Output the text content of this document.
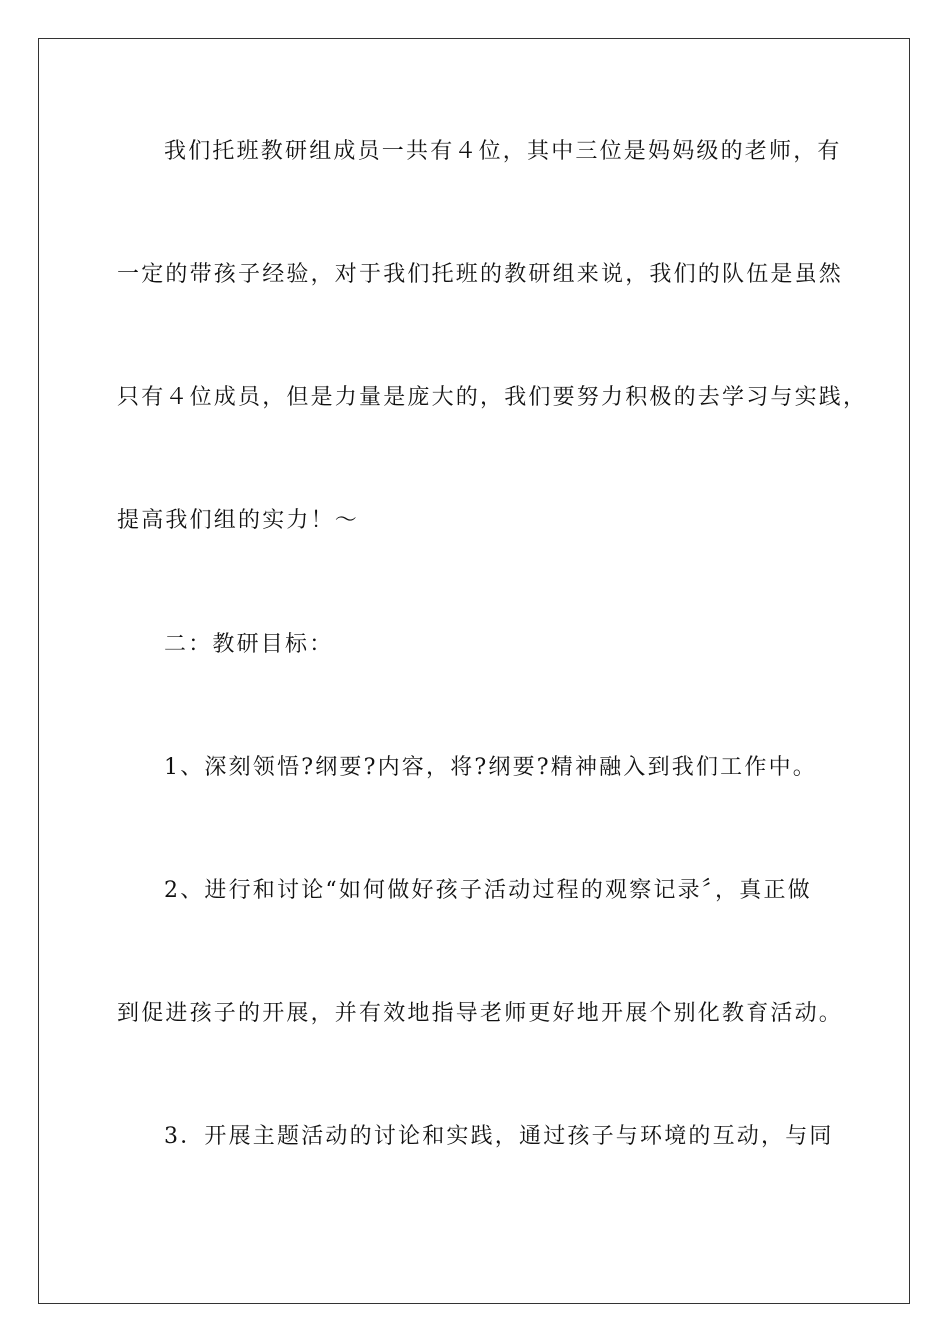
我们托班教研组成员一共有４位，其中三位是妈妈级的老师，有
一定的带孩子经验，对于我们托班的教研组来说，我们的队伍是虽然
只有４位成员，但是力量是庞大的，我们要努力积极的去学习与实践，
提高我们组的实力！～
二：教研目标：
1、深刻领悟?纲要?内容，将?纲要?精神融入到我们工作中。
2、进行和讨论“如何做好孩子活动过程的观察记录〞，真正做
到促进孩子的开展，并有效地指导老师更好地开展个别化教育活动。
3．开展主题活动的讨论和实践，通过孩子与环境的互动，与同
